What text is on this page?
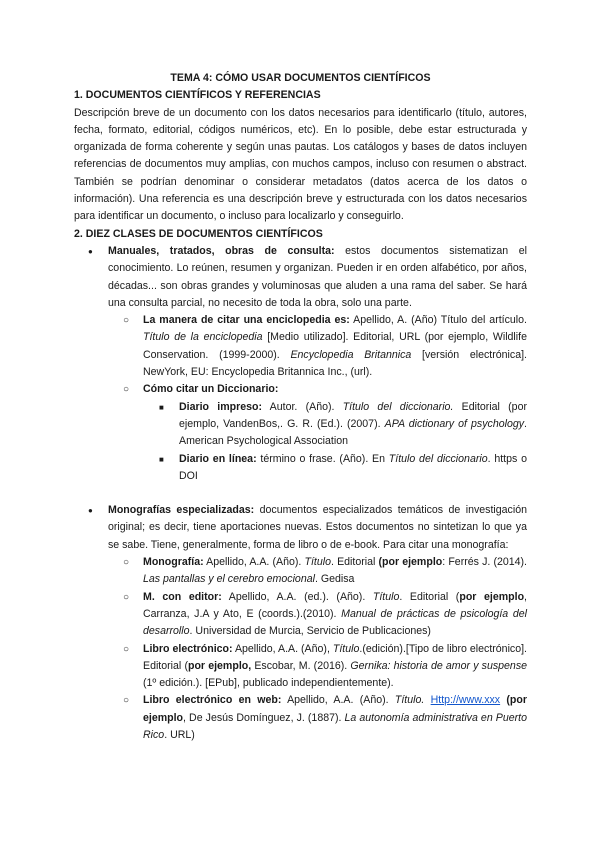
TEMA 4: CÓMO USAR DOCUMENTOS CIENTÍFICOS
1. DOCUMENTOS CIENTÍFICOS Y REFERENCIAS
Descripción breve de un documento con los datos necesarios para identificarlo (título, autores, fecha, formato, editorial, códigos numéricos, etc). En lo posible, debe estar estructurada y organizada de forma coherente y según unas pautas. Los catálogos y bases de datos incluyen referencias de documentos muy amplias, con muchos campos, incluso con resumen o abstract. También se podrían denominar o considerar metadatos (datos acerca de los datos o información). Una referencia es una descripción breve y estructurada con los datos necesarios para identificar un documento, o incluso para localizarlo y conseguirlo.
2. DIEZ CLASES DE DOCUMENTOS CIENTÍFICOS
● Manuales, tratados, obras de consulta: estos documentos sistematizan el conocimiento. Lo reúnen, resumen y organizan. Pueden ir en orden alfabético, por años, décadas... son obras grandes y voluminosas que aluden a una rama del saber. Se hará una consulta parcial, no necesito de toda la obra, solo una parte.
○ La manera de citar una enciclopedia es: Apellido, A. (Año) Título del artículo. Título de la enciclopedia [Medio utilizado]. Editorial, URL (por ejemplo, Wildlife Conservation. (1999-2000). Encyclopedia Britannica [versión electrónica]. NewYork, EU: Encyclopedia Britannica Inc., (url).
○ Cómo citar un Diccionario:
■ Diario impreso: Autor. (Año). Título del diccionario. Editorial (por ejemplo, VandenBos,. G. R. (Ed.). (2007). APA dictionary of psychology. American Psychological Association
■ Diario en línea: término o frase. (Año). En Título del diccionario. https o DOI
● Monografías especializadas: documentos especializados temáticos de investigación original; es decir, tiene aportaciones nuevas. Estos documentos no sintetizan lo que ya se sabe. Tiene, generalmente, forma de libro o de e-book. Para citar una monografía:
○ Monografía: Apellido, A.A. (Año). Título. Editorial (por ejemplo: Ferrés J. (2014). Las pantallas y el cerebro emocional. Gedisa
○ M. con editor: Apellido, A.A. (ed.). (Año). Título. Editorial (por ejemplo, Carranza, J.A y Ato, E (coords.).(2010). Manual de prácticas de psicología del desarrollo. Universidad de Murcia, Servicio de Publicaciones)
○ Libro electrónico: Apellido, A.A. (Año), Título.(edición).[Tipo de libro electrónico]. Editorial (por ejemplo, Escobar, M. (2016). Gernika: historia de amor y suspense (1º edición.). [EPub], publicado independientemente).
○ Libro electrónico en web: Apellido, A.A. (Año). Título. Http://www.xxx (por ejemplo, De Jesús Domínguez, J. (1887). La autonomía administrativa en Puerto Rico. URL)
